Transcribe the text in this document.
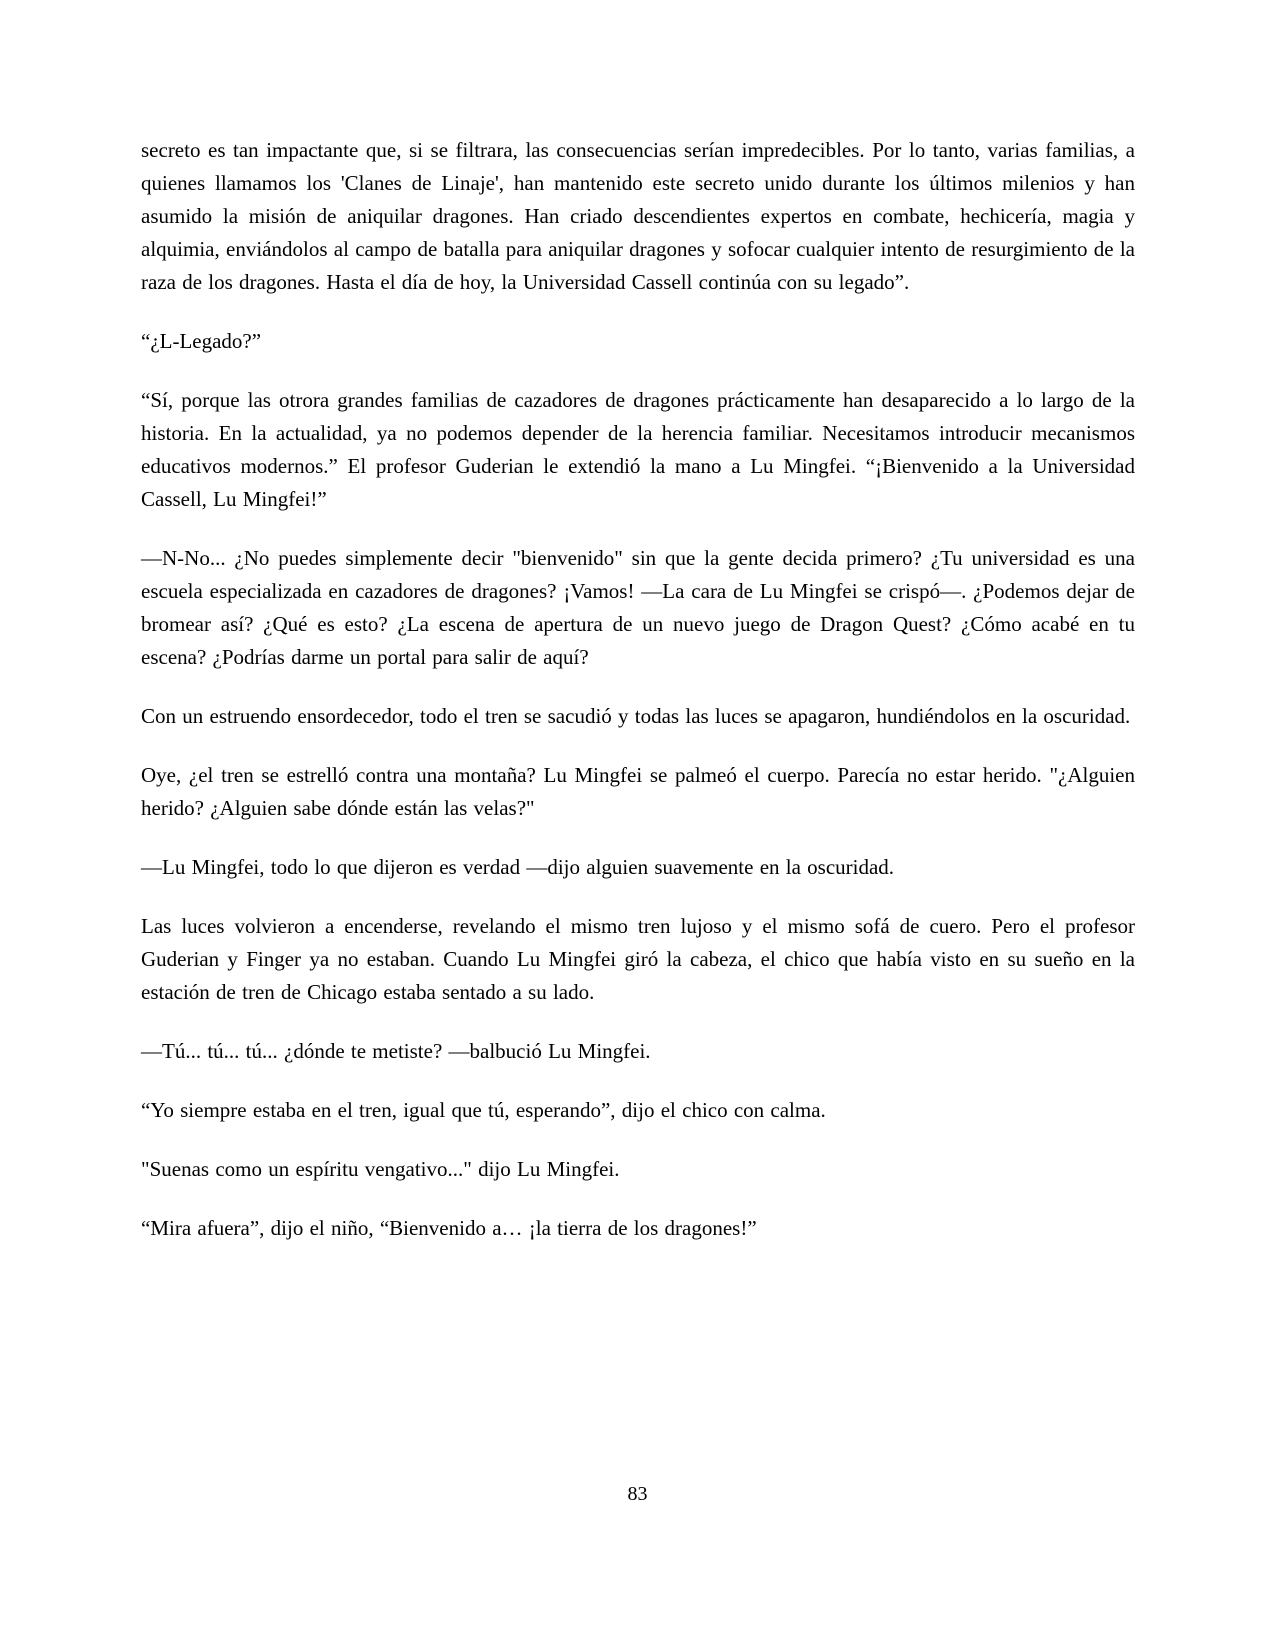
secreto es tan impactante que, si se filtrara, las consecuencias serían impredecibles. Por lo tanto, varias familias, a quienes llamamos los 'Clanes de Linaje', han mantenido este secreto unido durante los últimos milenios y han asumido la misión de aniquilar dragones. Han criado descendientes expertos en combate, hechicería, magia y alquimia, enviándolos al campo de batalla para aniquilar dragones y sofocar cualquier intento de resurgimiento de la raza de los dragones. Hasta el día de hoy, la Universidad Cassell continúa con su legado”.

“¿L-Legado?”

“Sí, porque las otrora grandes familias de cazadores de dragones prácticamente han desaparecido a lo largo de la historia. En la actualidad, ya no podemos depender de la herencia familiar. Necesitamos introducir mecanismos educativos modernos.” El profesor Guderian le extendió la mano a Lu Mingfei. “¡Bienvenido a la Universidad Cassell, Lu Mingfei!”

—N-No... ¿No puedes simplemente decir "bienvenido" sin que la gente decida primero? ¿Tu universidad es una escuela especializada en cazadores de dragones? ¡Vamos! —La cara de Lu Mingfei se crispó—. ¿Podemos dejar de bromear así? ¿Qué es esto? ¿La escena de apertura de un nuevo juego de Dragon Quest? ¿Cómo acabé en tu escena? ¿Podrías darme un portal para salir de aquí?

Con un estruendo ensordecedor, todo el tren se sacudió y todas las luces se apagaron, hundiéndolos en la oscuridad.

Oye, ¿el tren se estrelló contra una montaña? Lu Mingfei se palmeó el cuerpo. Parecía no estar herido. "¿Alguien herido? ¿Alguien sabe dónde están las velas?"

—Lu Mingfei, todo lo que dijeron es verdad —dijo alguien suavemente en la oscuridad.

Las luces volvieron a encenderse, revelando el mismo tren lujoso y el mismo sofá de cuero. Pero el profesor Guderian y Finger ya no estaban. Cuando Lu Mingfei giró la cabeza, el chico que había visto en su sueño en la estación de tren de Chicago estaba sentado a su lado.

—Tú... tú... tú... ¿dónde te metiste? —balbució Lu Mingfei.

“Yo siempre estaba en el tren, igual que tú, esperando”, dijo el chico con calma.

"Suenas como un espíritu vengativo..." dijo Lu Mingfei.

“Mira afuera”, dijo el niño, “Bienvenido a… ¡la tierra de los dragones!”

83
